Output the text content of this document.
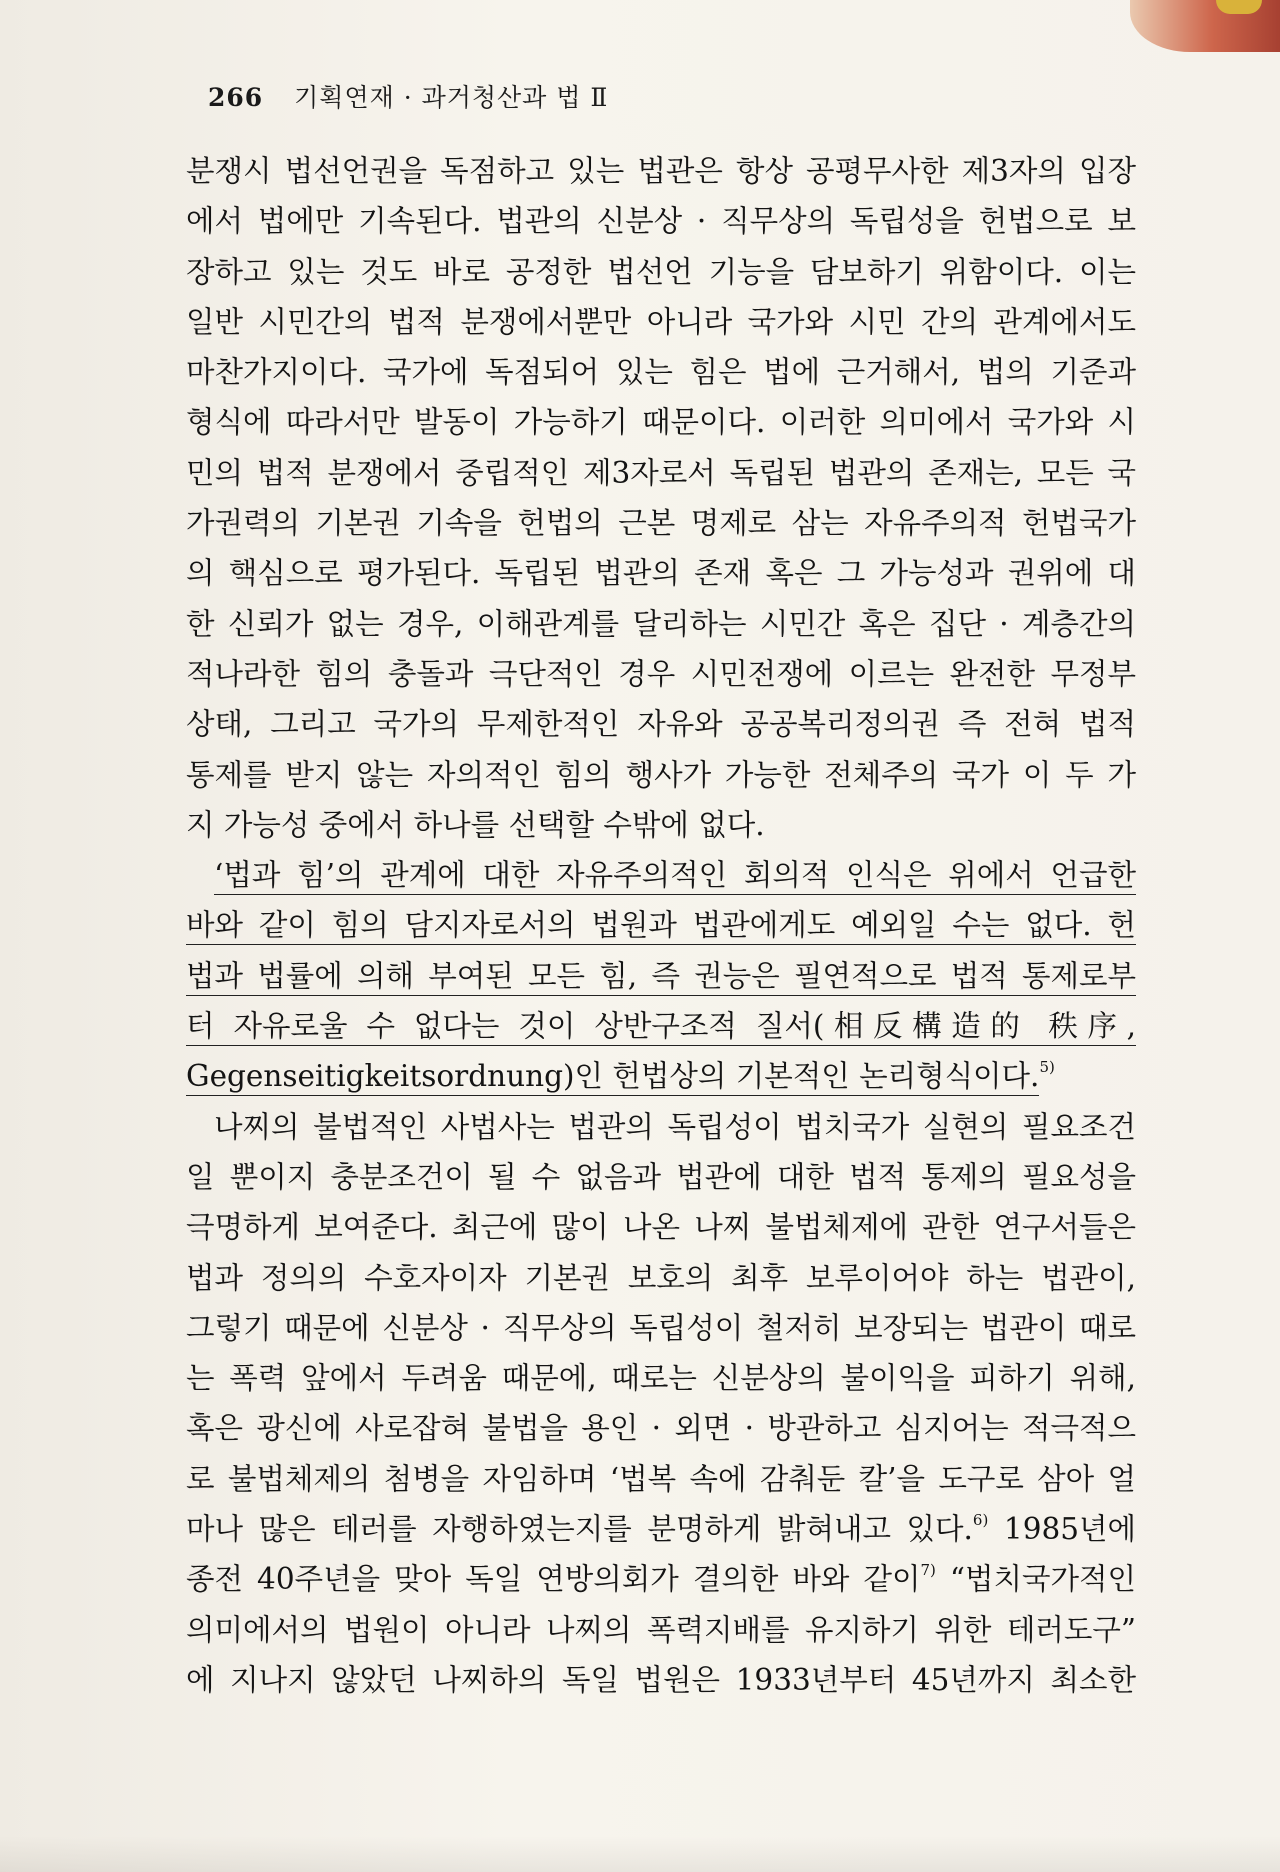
266 기획연재 · 과거청산과 법 Ⅱ
분쟁시 법선언권을 독점하고 있는 법관은 항상 공평무사한 제3자의 입장
에서 법에만 기속된다. 법관의 신분상 · 직무상의 독립성을 헌법으로 보
장하고 있는 것도 바로 공정한 법선언 기능을 담보하기 위함이다. 이는
일반 시민간의 법적 분쟁에서뿐만 아니라 국가와 시민 간의 관계에서도
마찬가지이다. 국가에 독점되어 있는 힘은 법에 근거해서, 법의 기준과
형식에 따라서만 발동이 가능하기 때문이다. 이러한 의미에서 국가와 시
민의 법적 분쟁에서 중립적인 제3자로서 독립된 법관의 존재는, 모든 국
가권력의 기본권 기속을 헌법의 근본 명제로 삼는 자유주의적 헌법국가
의 핵심으로 평가된다. 독립된 법관의 존재 혹은 그 가능성과 권위에 대
한 신뢰가 없는 경우, 이해관계를 달리하는 시민간 혹은 집단 · 계층간의
적나라한 힘의 충돌과 극단적인 경우 시민전쟁에 이르는 완전한 무정부
상태, 그리고 국가의 무제한적인 자유와 공공복리정의권 즉 전혀 법적
통제를 받지 않는 자의적인 힘의 행사가 가능한 전체주의 국가 이 두 가
지 가능성 중에서 하나를 선택할 수밖에 없다.
‘법과 힘’의 관계에 대한 자유주의적인 회의적 인식은 위에서 언급한
바와 같이 힘의 담지자로서의 법원과 법관에게도 예외일 수는 없다. 헌
법과 법률에 의해 부여된 모든 힘, 즉 권능은 필연적으로 법적 통제로부
터 자유로울 수 없다는 것이 상반구조적 질서(相反構造的 秩序,
Gegenseitigkeitsordnung)인 헌법상의 기본적인 논리형식이다.$^{5)}$
나찌의 불법적인 사법사는 법관의 독립성이 법치국가 실현의 필요조건
일 뿐이지 충분조건이 될 수 없음과 법관에 대한 법적 통제의 필요성을
극명하게 보여준다. 최근에 많이 나온 나찌 불법체제에 관한 연구서들은
법과 정의의 수호자이자 기본권 보호의 최후 보루이어야 하는 법관이,
그렇기 때문에 신분상 · 직무상의 독립성이 철저히 보장되는 법관이 때로
는 폭력 앞에서 두려움 때문에, 때로는 신분상의 불이익을 피하기 위해,
혹은 광신에 사로잡혀 불법을 용인 · 외면 · 방관하고 심지어는 적극적으
로 불법체제의 첨병을 자임하며 ‘법복 속에 감춰둔 칼’을 도구로 삼아 얼
마나 많은 테러를 자행하였는지를 분명하게 밝혀내고 있다.$^{6)}$ 1985년에
종전 40주년을 맞아 독일 연방의회가 결의한 바와 같이$^{7)}$ “법치국가적인
의미에서의 법원이 아니라 나찌의 폭력지배를 유지하기 위한 테러도구”
에 지나지 않았던 나찌하의 독일 법원은 1933년부터 45년까지 최소한
